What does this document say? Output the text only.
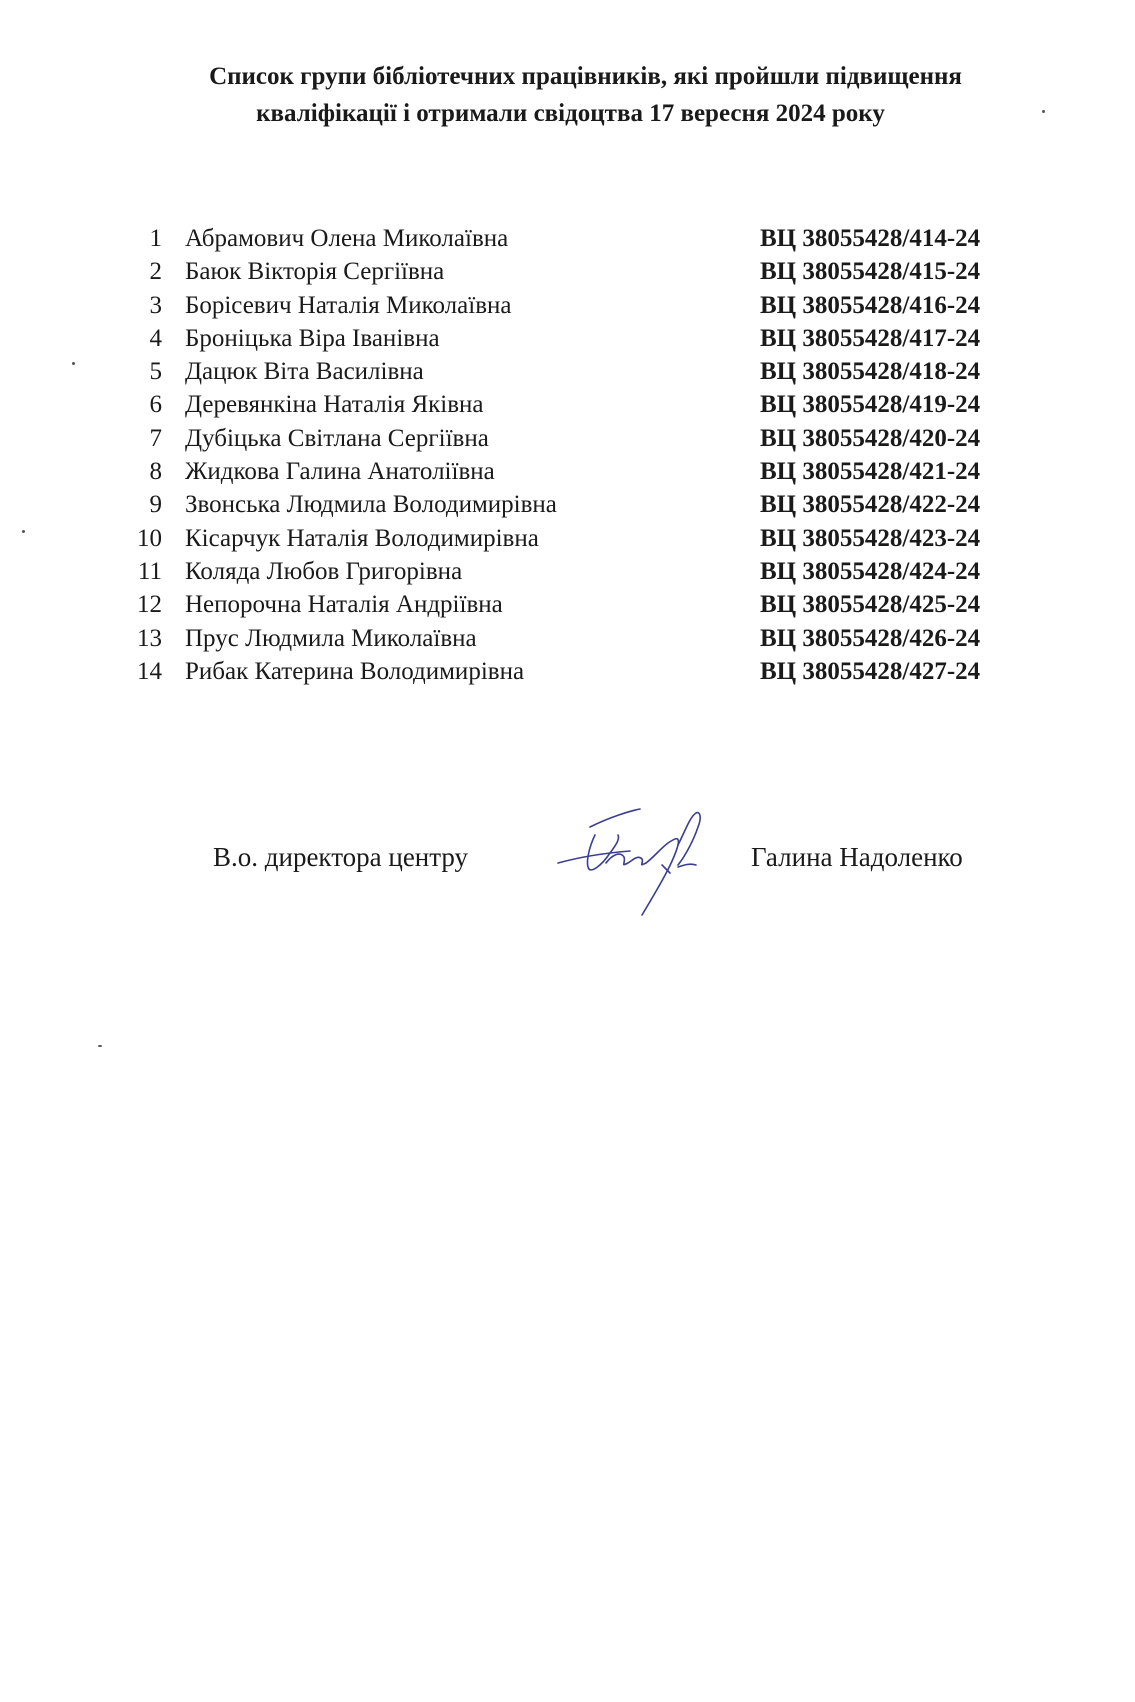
Список групи бібліотечних працівників, які пройшли підвищення
кваліфікації і отримали свідоцтва 17 вересня 2024 року
1 Абрамович Олена Миколаївна	ВЦ 38055428/414-24
2 Баюк Вікторія Сергіївна	ВЦ 38055428/415-24
3 Борісевич Наталія Миколаївна	ВЦ 38055428/416-24
4 Броніцька Віра Іванівна	ВЦ 38055428/417-24
5 Дацюк Віта Василівна	ВЦ 38055428/418-24
6 Деревянкіна Наталія Яківна	ВЦ 38055428/419-24
7 Дубіцька Світлана Сергіївна	ВЦ 38055428/420-24
8 Жидкова Галина Анатоліївна	ВЦ 38055428/421-24
9 Звонська Людмила Володимирівна	ВЦ 38055428/422-24
10 Кісарчук Наталія Володимирівна	ВЦ 38055428/423-24
11 Коляда Любов Григорівна	ВЦ 38055428/424-24
12 Непорочна Наталія Андріївна	ВЦ 38055428/425-24
13 Прус Людмила Миколаївна	ВЦ 38055428/426-24
14 Рибак Катерина Володимирівна	ВЦ 38055428/427-24
В.о. директора центру	Галина Надоленко
